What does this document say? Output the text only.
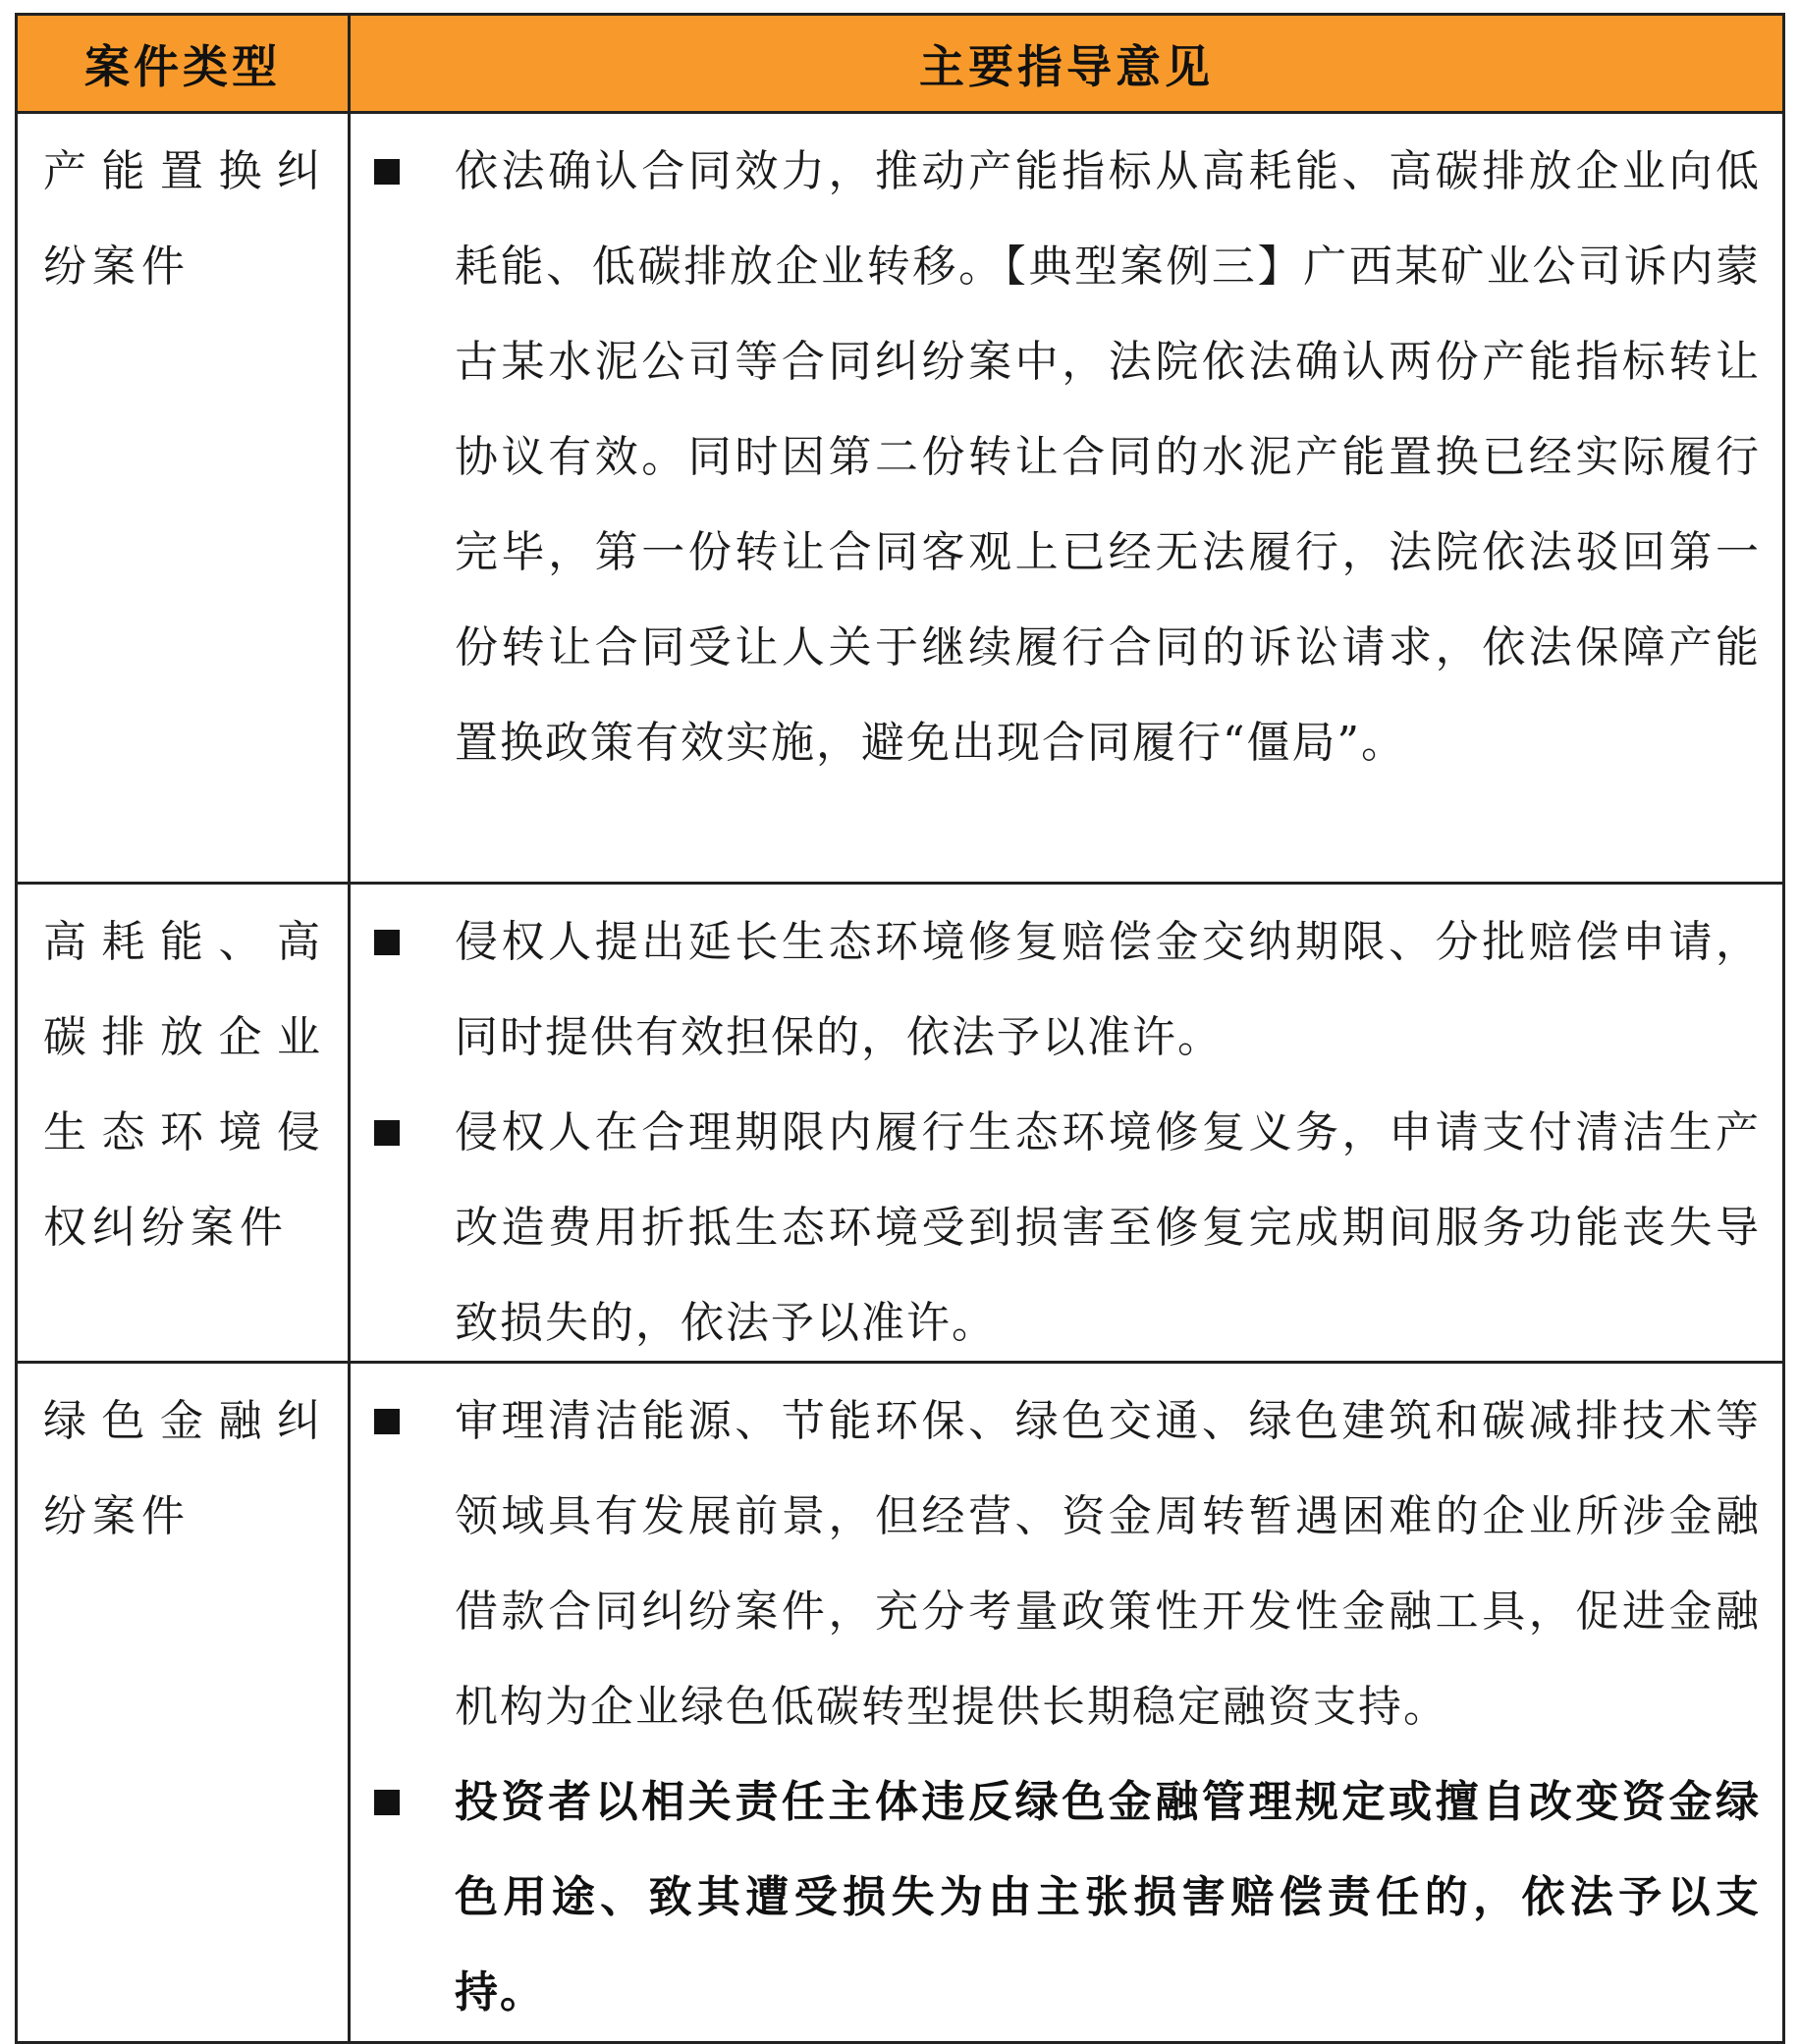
案件类型	主要指导意见
产能置换纠纷案件
依法确认合同效力，推动产能指标从高耗能、高碳排放企业向低耗能、低碳排放企业转移。【典型案例三】广西某矿业公司诉内蒙古某水泥公司等合同纠纷案中，法院依法确认两份产能指标转让协议有效。同时因第二份转让合同的水泥产能置换已经实际履行完毕，第一份转让合同客观上已经无法履行，法院依法驳回第一份转让合同受让人关于继续履行合同的诉讼请求，依法保障产能置换政策有效实施，避免出现合同履行“僵局”。
高耗能、高碳排放企业生态环境侵权纠纷案件
侵权人提出延长生态环境修复赔偿金交纳期限、分批赔偿申请，同时提供有效担保的，依法予以准许。
侵权人在合理期限内履行生态环境修复义务，申请支付清洁生产改造费用折抵生态环境受到损害至修复完成期间服务功能丧失导致损失的，依法予以准许。
绿色金融纠纷案件
审理清洁能源、节能环保、绿色交通、绿色建筑和碳减排技术等领域具有发展前景，但经营、资金周转暂遇困难的企业所涉金融借款合同纠纷案件，充分考量政策性开发性金融工具，促进金融机构为企业绿色低碳转型提供长期稳定融资支持。
投资者以相关责任主体违反绿色金融管理规定或擅自改变资金绿色用途、致其遭受损失为由主张损害赔偿责任的，依法予以支持。
